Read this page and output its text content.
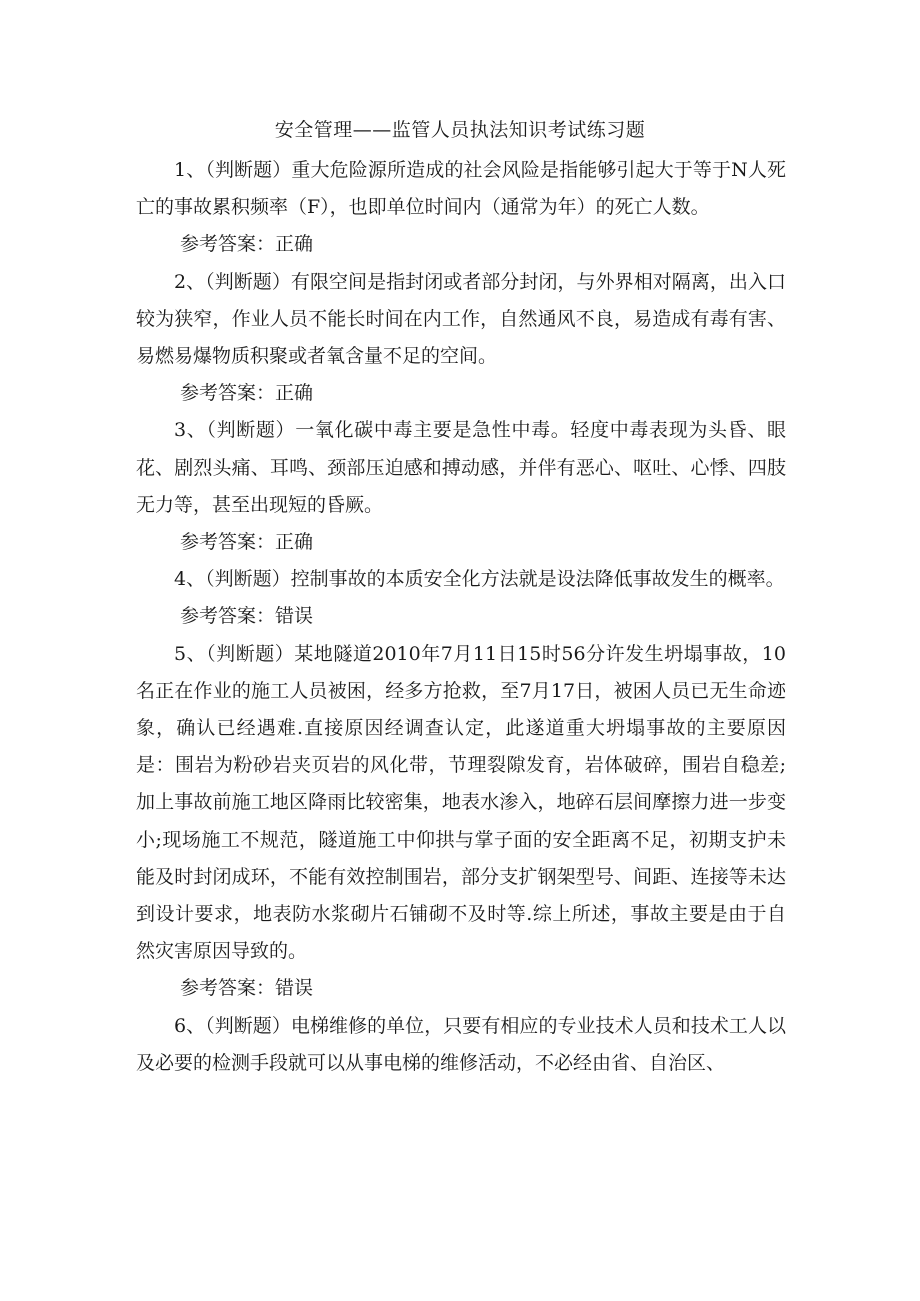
安全管理——监管人员执法知识考试练习题

1、（判断题）重大危险源所造成的社会风险是指能够引起大于等于N人死亡的事故累积频率（F），也即单位时间内（通常为年）的死亡人数。

参考答案：正确

2、（判断题）有限空间是指封闭或者部分封闭，与外界相对隔离，出入口较为狭窄，作业人员不能长时间在内工作，自然通风不良，易造成有毒有害、易燃易爆物质积聚或者氧含量不足的空间。

参考答案：正确

3、（判断题）一氧化碳中毒主要是急性中毒。轻度中毒表现为头昏、眼花、剧烈头痛、耳鸣、颈部压迫感和搏动感，并伴有恶心、呕吐、心悸、四肢无力等，甚至出现短的昏厥。

参考答案：正确

4、（判断题）控制事故的本质安全化方法就是设法降低事故发生的概率。

参考答案：错误

5、（判断题）某地隧道2010年7月11日15时56分许发生坍塌事故，10名正在作业的施工人员被困，经多方抢救，至7月17日，被困人员已无生命迹象，确认已经遇难.直接原因经调查认定，此遂道重大坍塌事故的主要原因是：围岩为粉砂岩夹页岩的风化带，节理裂隙发育，岩体破碎，围岩自稳差;加上事故前施工地区降雨比较密集，地表水渗入，地碎石层间摩擦力进一步变小;现场施工不规范，隧道施工中仰拱与掌子面的安全距离不足，初期支护未能及时封闭成环，不能有效控制围岩，部分支扩钢架型号、间距、连接等未达到设计要求，地表防水浆砌片石铺砌不及时等.综上所述，事故主要是由于自然灾害原因导致的。

参考答案：错误

6、（判断题）电梯维修的单位，只要有相应的专业技术人员和技术工人以及必要的检测手段就可以从事电梯的维修活动，不必经由省、自治区、
